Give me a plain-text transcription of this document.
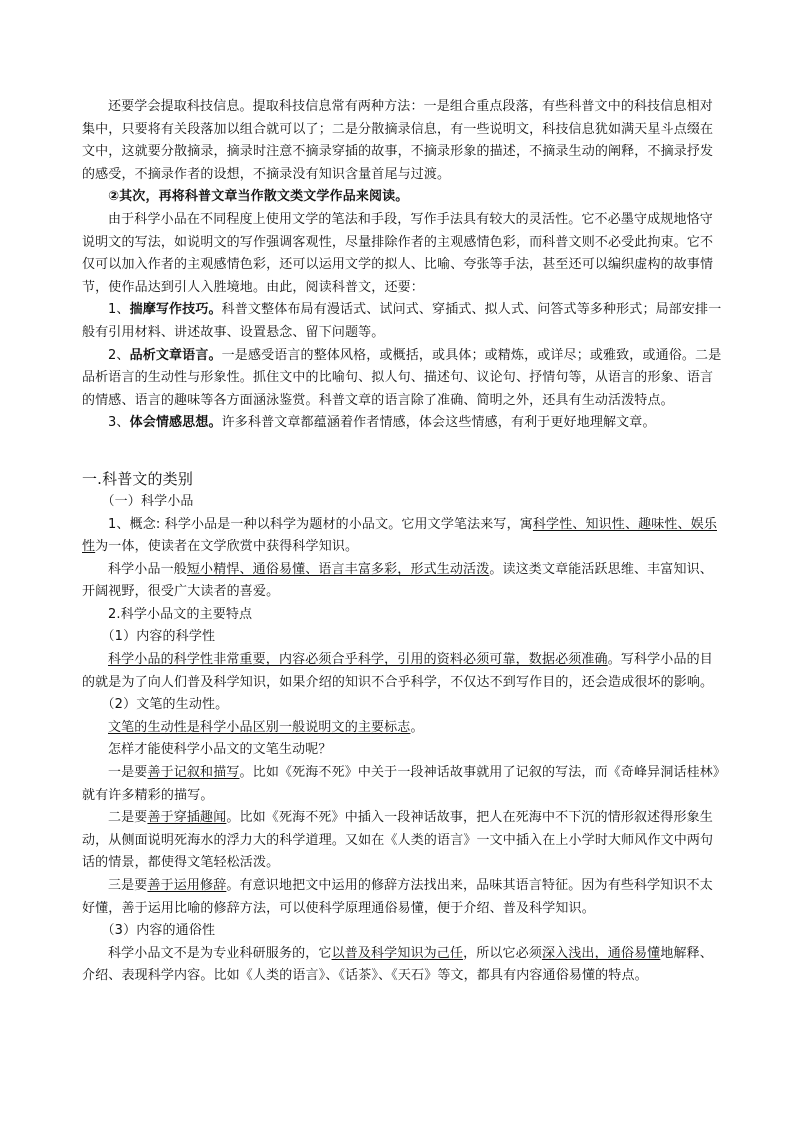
还要学会提取科技信息。提取科技信息常有两种方法：一是组合重点段落，有些科普文中的科技信息相对集中，只要将有关段落加以组合就可以了；二是分散摘录信息，有一些说明文，科技信息犹如满天星斗点缀在文中，这就要分散摘录，摘录时注意不摘录穿插的故事，不摘录形象的描述，不摘录生动的阐释，不摘录抒发的感受，不摘录作者的设想，不摘录没有知识含量首尾与过渡。

②其次，再将科普文章当作散文类文学作品来阅读。

由于科学小品在不同程度上使用文学的笔法和手段，写作手法具有较大的灵活性。它不必墨守成规地恪守说明文的写法，如说明文的写作强调客观性，尽量排除作者的主观感情色彩，而科普文则不必受此拘束。它不仅可以加入作者的主观感情色彩，还可以运用文学的拟人、比喻、夸张等手法，甚至还可以编织虚构的故事情节，使作品达到引人入胜境地。由此，阅读科普文，还要：

1、揣摩写作技巧。科普文整体布局有漫话式、试问式、穿插式、拟人式、问答式等多种形式；局部安排一般有引用材料、讲述故事、设置悬念、留下问题等。

2、品析文章语言。一是感受语言的整体风格，或概括，或具体；或精炼，或详尽；或雅致，或通俗。二是品析语言的生动性与形象性。抓住文中的比喻句、拟人句、描述句、议论句、抒情句等，从语言的形象、语言的情感、语言的趣味等各方面涵泳鉴赏。科普文章的语言除了准确、简明之外，还具有生动活泼特点。

3、体会情感思想。许多科普文章都蕴涵着作者情感，体会这些情感，有利于更好地理解文章。

一.科普文的类别

（一）科学小品

1、概念: 科学小品是一种以科学为题材的小品文。它用文学笔法来写，寓科学性、知识性、趣味性、娱乐性为一体，使读者在文学欣赏中获得科学知识。

科学小品一般短小精悍、通俗易懂、语言丰富多彩，形式生动活泼。读这类文章能活跃思维、丰富知识、开阔视野，很受广大读者的喜爱。

2.科学小品文的主要特点

（1）内容的科学性

科学小品的科学性非常重要，内容必须合乎科学，引用的资料必须可靠，数据必须准确。写科学小品的目的就是为了向人们普及科学知识，如果介绍的知识不合乎科学，不仅达不到写作目的，还会造成很坏的影响。

（2）文笔的生动性。

文笔的生动性是科学小品区别一般说明文的主要标志。

怎样才能使科学小品文的文笔生动呢？

一是要善于记叙和描写。比如《死海不死》中关于一段神话故事就用了记叙的写法，而《奇峰异洞话桂林》就有许多精彩的描写。

二是要善于穿插趣闻。比如《死海不死》中插入一段神话故事，把人在死海中不下沉的情形叙述得形象生动，从侧面说明死海水的浮力大的科学道理。又如在《人类的语言》一文中插入在上小学时大师风作文中两句话的情景，都使得文笔轻松活泼。

三是要善于运用修辞。有意识地把文中运用的修辞方法找出来，品味其语言特征。因为有些科学知识不太好懂，善于运用比喻的修辞方法，可以使科学原理通俗易懂，便于介绍、普及科学知识。

（3）内容的通俗性

科学小品文不是为专业科研服务的，它以普及科学知识为己任，所以它必须深入浅出，通俗易懂地解释、介绍、表现科学内容。比如《人类的语言》、《话茶》、《天石》等文，都具有内容通俗易懂的特点。
